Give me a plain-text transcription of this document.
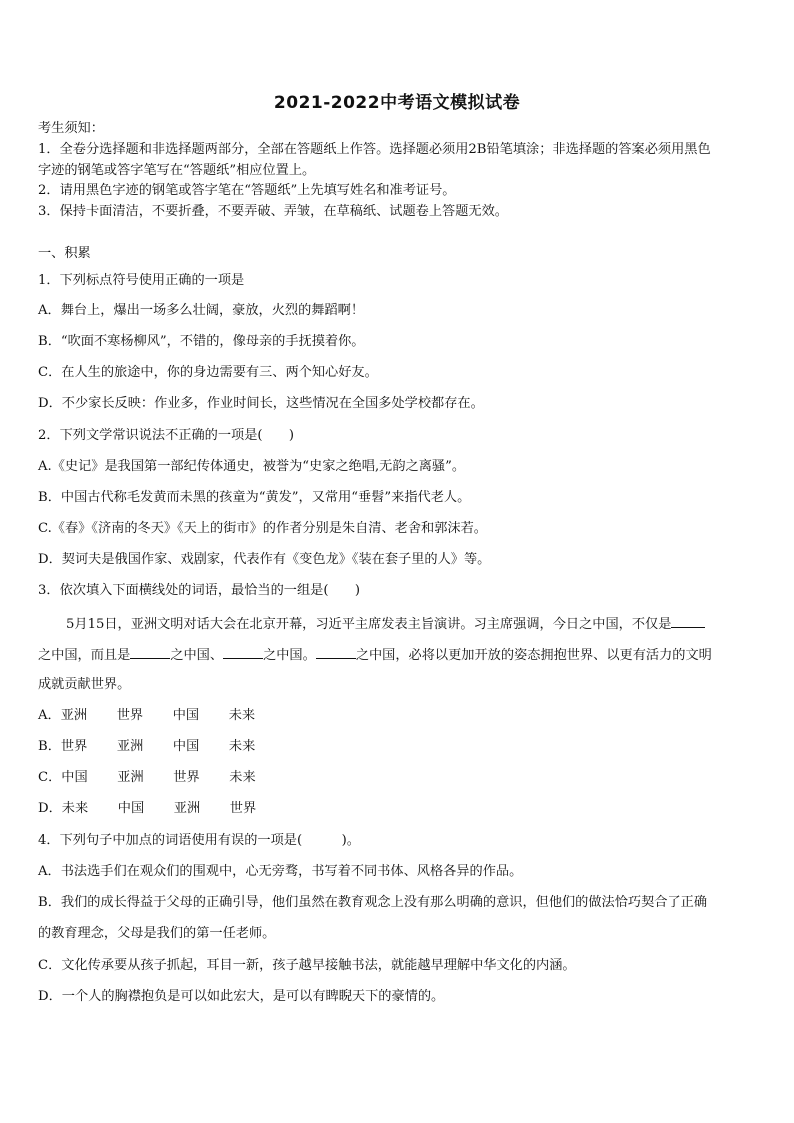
2021-2022中考语文模拟试卷
考生须知：
1．全卷分选择题和非选择题两部分，全部在答题纸上作答。选择题必须用2B铅笔填涂；非选择题的答案必须用黑色
字迹的钢笔或答字笔写在“答题纸”相应位置上。
2．请用黑色字迹的钢笔或答字笔在“答题纸”上先填写姓名和准考证号。
3．保持卡面清洁，不要折叠，不要弄破、弄皱，在草稿纸、试题卷上答题无效。
一、积累
1．下列标点符号使用正确的一项是
A．舞台上，爆出一场多么壮阔，豪放，火烈的舞蹈啊！
B．“吹面不寒杨柳风”，不错的，像母亲的手抚摸着你。
C．在人生的旅途中，你的身边需要有三、两个知心好友。
D．不少家长反映：作业多，作业时间长，这些情况在全国多处学校都存在。
2．下列文学常识说法不正确的一项是(　　)
A.《史记》是我国第一部纪传体通史，被誉为“史家之绝唱,无韵之离骚”。
B．中国古代称毛发黄而未黑的孩童为“黄发”，又常用“垂髫”来指代老人。
C.《春》《济南的冬天》《天上的街市》的作者分别是朱自清、老舍和郭沫若。
D．契诃夫是俄国作家、戏剧家，代表作有《变色龙》《装在套子里的人》等。
3．依次填入下面横线处的词语，最恰当的一组是(　　)
5月15日，亚洲文明对话大会在北京开幕，习近平主席发表主旨演讲。习主席强调，今日之中国，不仅是
之中国，而且是	之中国、	之中国。	之中国，必将以更加开放的姿态拥抱世界、以更有活力的文明
成就贡献世界。
A．亚洲 世界 中国 未来
B．世界 亚洲 中国 未来
C．中国 亚洲 世界 未来
D．未来 中国 亚洲 世界
4．下列句子中加点的词语使用有误的一项是(　　　)。
A．书法选手们在观众们的围观中，心无旁骛，书写着不同书体、风格各异的作品。
B．我们的成长得益于父母的正确引导，他们虽然在教育观念上没有那么明确的意识，但他们的做法恰巧契合了正确
的教育理念，父母是我们的第一任老师。
C．文化传承要从孩子抓起，耳目一新，孩子越早接触书法，就能越早理解中华文化的内涵。
D．一个人的胸襟抱负是可以如此宏大，是可以有睥睨天下的豪情的。
